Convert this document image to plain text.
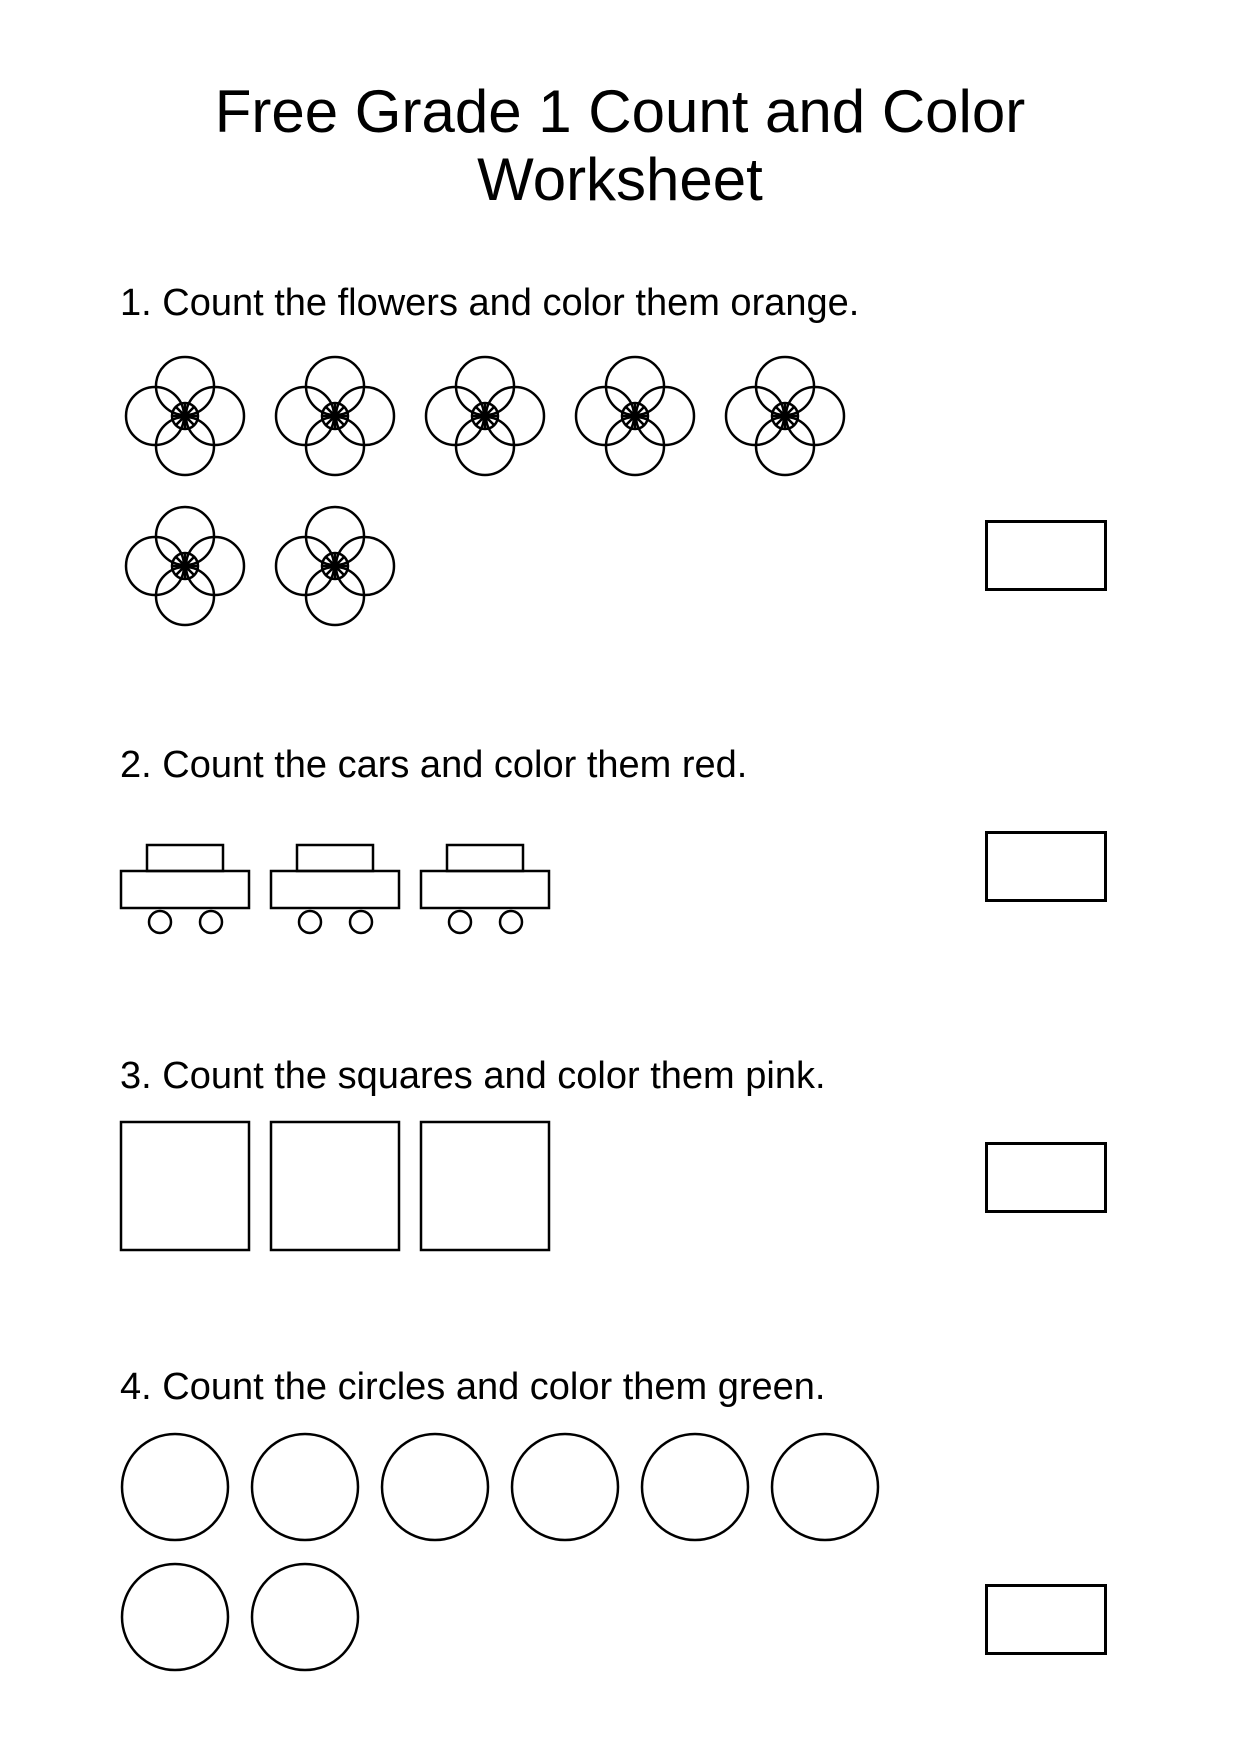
Free Grade 1 Count and Color
Worksheet

1. Count the flowers and color them orange.

2. Count the cars and color them red.

3. Count the squares and color them pink.

4. Count the circles and color them green.
